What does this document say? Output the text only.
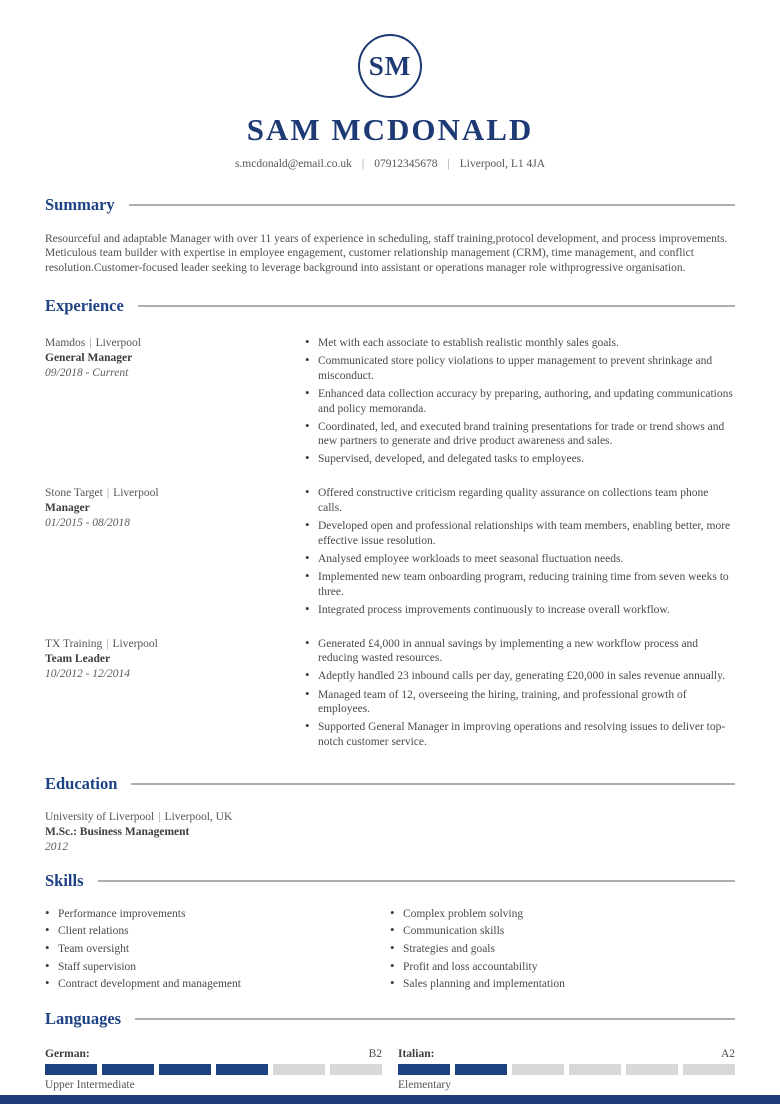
SM
SAM MCDONALD
s.mcdonald@email.co.uk | 07912345678 | Liverpool, L1 4JA
Summary
Resourceful and adaptable Manager with over 11 years of experience in scheduling, staff training,protocol development, and process improvements. Meticulous team builder with expertise in employee engagement, customer relationship management (CRM), time management, and conflict resolution.Customer-focused leader seeking to leverage background into assistant or operations manager role withprogressive organisation.
Experience
Mamdos | Liverpool
General Manager
09/2018 - Current
• Met with each associate to establish realistic monthly sales goals.
• Communicated store policy violations to upper management to prevent shrinkage and misconduct.
• Enhanced data collection accuracy by preparing, authoring, and updating communications and policy memoranda.
• Coordinated, led, and executed brand training presentations for trade or trend shows and new partners to generate and drive product awareness and sales.
• Supervised, developed, and delegated tasks to employees.
Stone Target | Liverpool
Manager
01/2015 - 08/2018
• Offered constructive criticism regarding quality assurance on collections team phone calls.
• Developed open and professional relationships with team members, enabling better, more effective issue resolution.
• Analysed employee workloads to meet seasonal fluctuation needs.
• Implemented new team onboarding program, reducing training time from seven weeks to three.
• Integrated process improvements continuously to increase overall workflow.
TX Training | Liverpool
Team Leader
10/2012 - 12/2014
• Generated £4,000 in annual savings by implementing a new workflow process and reducing wasted resources.
• Adeptly handled 23 inbound calls per day, generating £20,000 in sales revenue annually.
• Managed team of 12, overseeing the hiring, training, and professional growth of employees.
• Supported General Manager in improving operations and resolving issues to deliver top-notch customer service.
Education
University of Liverpool | Liverpool, UK
M.Sc.: Business Management
2012
Skills
• Performance improvements
• Client relations
• Team oversight
• Staff supervision
• Contract development and management
• Complex problem solving
• Communication skills
• Strategies and goals
• Profit and loss accountability
• Sales planning and implementation
Languages
German:	B2
Upper Intermediate
Italian:	A2
Elementary
